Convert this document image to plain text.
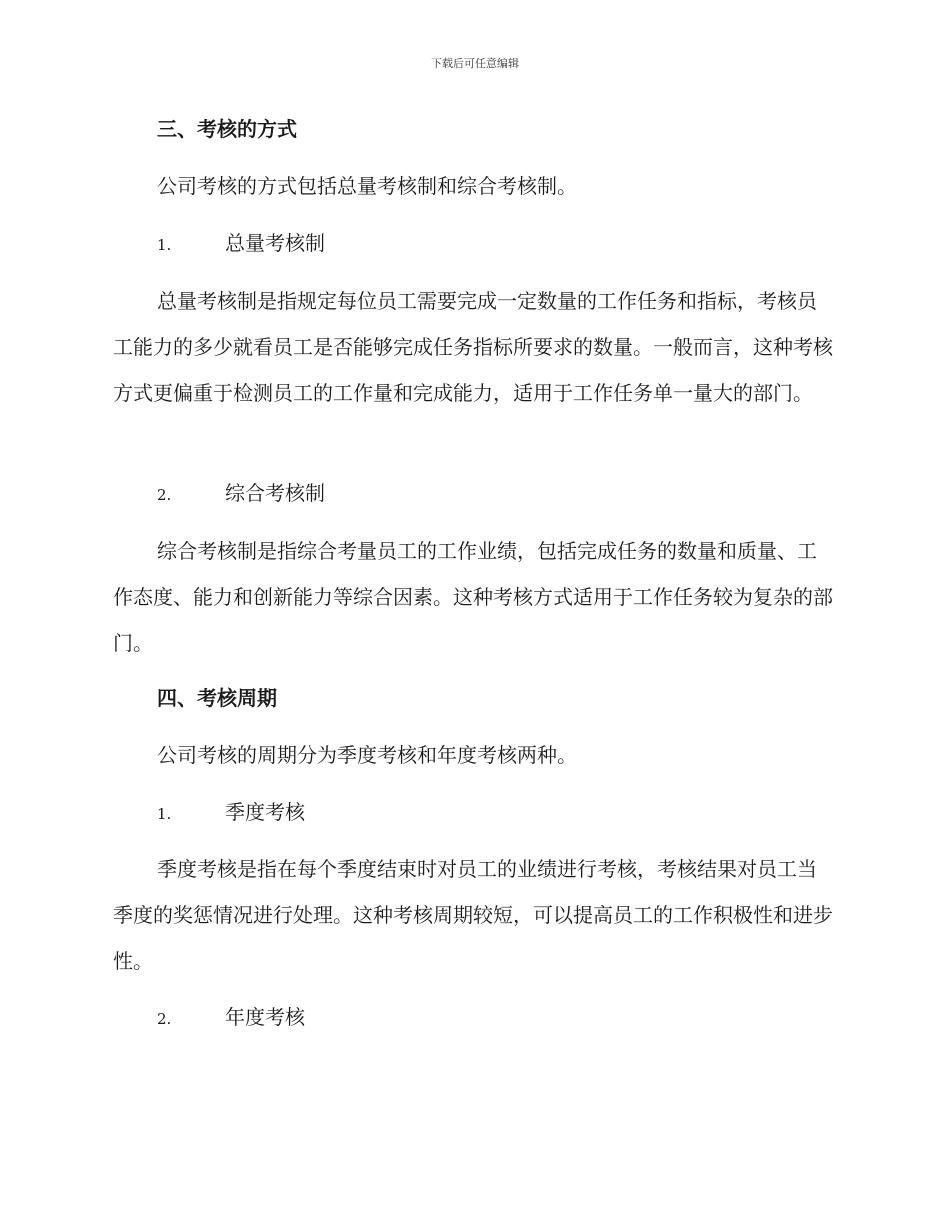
下载后可任意编辑
三、考核的方式
公司考核的方式包括总量考核制和综合考核制。
1.	总量考核制

总量考核制是指规定每位员工需要完成一定数量的工作任务和指标，考核员工能力的多少就看员工是否能够完成任务指标所要求的数量。一般而言，这种考核方式更偏重于检测员工的工作量和完成能力，适用于工作任务单一量大的部门。

2.	综合考核制

综合考核制是指综合考量员工的工作业绩，包括完成任务的数量和质量、工作态度、能力和创新能力等综合因素。这种考核方式适用于工作任务较为复杂的部门。

四、考核周期
公司考核的周期分为季度考核和年度考核两种。
1.	季度考核

季度考核是指在每个季度结束时对员工的业绩进行考核，考核结果对员工当季度的奖惩情况进行处理。这种考核周期较短，可以提高员工的工作积极性和进步性。

2.	年度考核
